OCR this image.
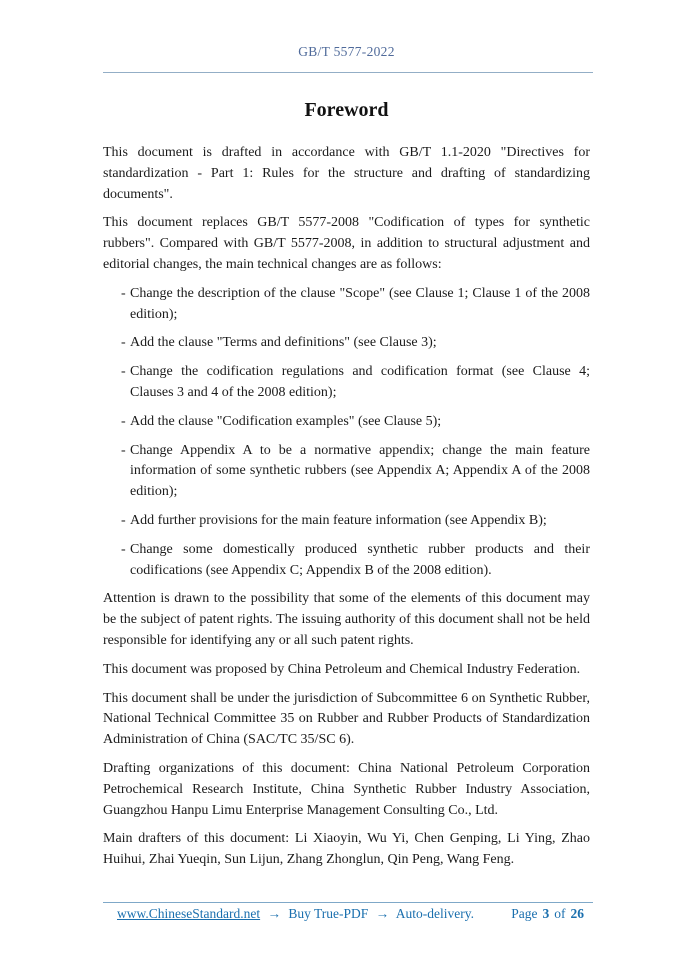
GB/T 5577-2022
Foreword

This document is drafted in accordance with GB/T 1.1-2020 "Directives for standardization - Part 1: Rules for the structure and drafting of standardizing documents".

This document replaces GB/T 5577-2008 "Codification of types for synthetic rubbers". Compared with GB/T 5577-2008, in addition to structural adjustment and editorial changes, the main technical changes are as follows:

- Change the description of the clause "Scope" (see Clause 1; Clause 1 of the 2008 edition);
- Add the clause "Terms and definitions" (see Clause 3);
- Change the codification regulations and codification format (see Clause 4; Clauses 3 and 4 of the 2008 edition);
- Add the clause "Codification examples" (see Clause 5);
- Change Appendix A to be a normative appendix; change the main feature information of some synthetic rubbers (see Appendix A; Appendix A of the 2008 edition);
- Add further provisions for the main feature information (see Appendix B);
- Change some domestically produced synthetic rubber products and their codifications (see Appendix C; Appendix B of the 2008 edition).

Attention is drawn to the possibility that some of the elements of this document may be the subject of patent rights. The issuing authority of this document shall not be held responsible for identifying any or all such patent rights.

This document was proposed by China Petroleum and Chemical Industry Federation.

This document shall be under the jurisdiction of Subcommittee 6 on Synthetic Rubber, National Technical Committee 35 on Rubber and Rubber Products of Standardization Administration of China (SAC/TC 35/SC 6).

Drafting organizations of this document: China National Petroleum Corporation Petrochemical Research Institute, China Synthetic Rubber Industry Association, Guangzhou Hanpu Limu Enterprise Management Consulting Co., Ltd.

Main drafters of this document: Li Xiaoyin, Wu Yi, Chen Genping, Li Ying, Zhao Huihui, Zhai Yueqin, Sun Lijun, Zhang Zhonglun, Qin Peng, Wang Feng.

www.ChineseStandard.net → Buy True-PDF → Auto-delivery.	Page 3 of 26
